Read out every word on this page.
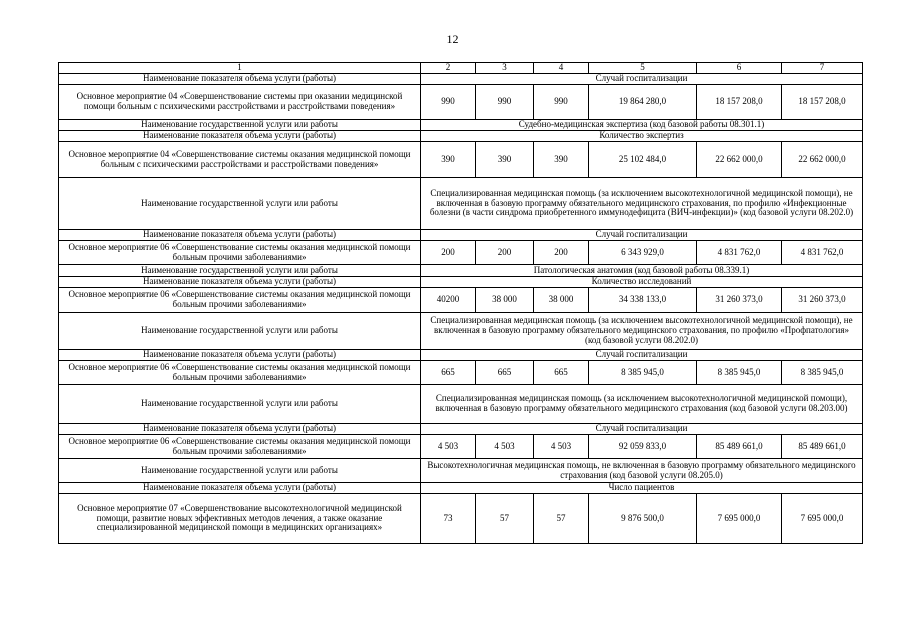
12
1	2	3	4	5	6	7
Наименование показателя объема услуги (работы)	Случай госпитализации					
Основное мероприятие 04 «Совершенствование системы при оказании медицинской помощи больным с психическими расстройствами и расстройствами поведения»	990	990	990	19 864 280,0	18 157 208,0	18 157 208,0
Наименование государственной услуги или работы	Судебно-медицинская экспертиза (код базовой работы 08.301.1)					
Наименование показателя объема услуги (работы)	Количество экспертиз					
Основное мероприятие 04 «Совершенствование системы оказания медицинской помощи больным с психическими расстройствами и расстройствами поведения»	390	390	390	25 102 484,0	22 662 000,0	22 662 000,0
Наименование государственной услуги или работы	Специализированная медицинская помощь (за исключением высокотехнологичной медицинской помощи), не включенная в базовую программу обязательного медицинского страхования, по профилю «Инфекционные болезни (в части синдрома приобретенного иммунодефицита (ВИЧ-инфекции)» (код базовой услуги 08.202.0)					
Наименование показателя объема услуги (работы)	Случай госпитализации					
Основное мероприятие 06 «Совершенствование системы оказания медицинской помощи больным прочими заболеваниями»	200	200	200	6 343 929,0	4 831 762,0	4 831 762,0
Наименование государственной услуги или работы	Патологическая анатомия (код базовой работы 08.339.1)					
Наименование показателя объема услуги (работы)	Количество исследований					
Основное мероприятие 06 «Совершенствование системы оказания медицинской помощи больным прочими заболеваниями»	40200	38 000	38 000	34 338 133,0	31 260 373,0	31 260 373,0
Наименование государственной услуги или работы	Специализированная медицинская помощь (за исключением высокотехнологичной медицинской помощи), не включенная в базовую программу обязательного медицинского страхования, по профилю «Профпатология» (код базовой услуги 08.202.0)					
Наименование показателя объема услуги (работы)	Случай госпитализации					
Основное мероприятие 06 «Совершенствование системы оказания медицинской помощи больным прочими заболеваниями»	665	665	665	8 385 945,0	8 385 945,0	8 385 945,0
Наименование государственной услуги или работы	Специализированная медицинская помощь (за исключением высокотехнологичной медицинской помощи), включенная в базовую программу обязательного медицинского страхования (код базовой услуги 08.203.00)					
Наименование показателя объема услуги (работы)	Случай госпитализации					
Основное мероприятие 06 «Совершенствование системы оказания медицинской помощи больным прочими заболеваниями»	4 503	4 503	4 503	92 059 833,0	85 489 661,0	85 489 661,0
Наименование государственной услуги или работы	Высокотехнологичная медицинская помощь, не включенная в базовую программу обязательного медицинского страхования (код базовой услуги 08.205.0)					
Наименование показателя объема услуги (работы)	Число пациентов					
Основное мероприятие 07 «Совершенствование высокотехнологичной медицинской помощи, развитие новых эффективных методов лечения, а также оказание специализированной медицинской помощи в медицинских организациях»	73	57	57	9 876 500,0	7 695 000,0	7 695 000,0
